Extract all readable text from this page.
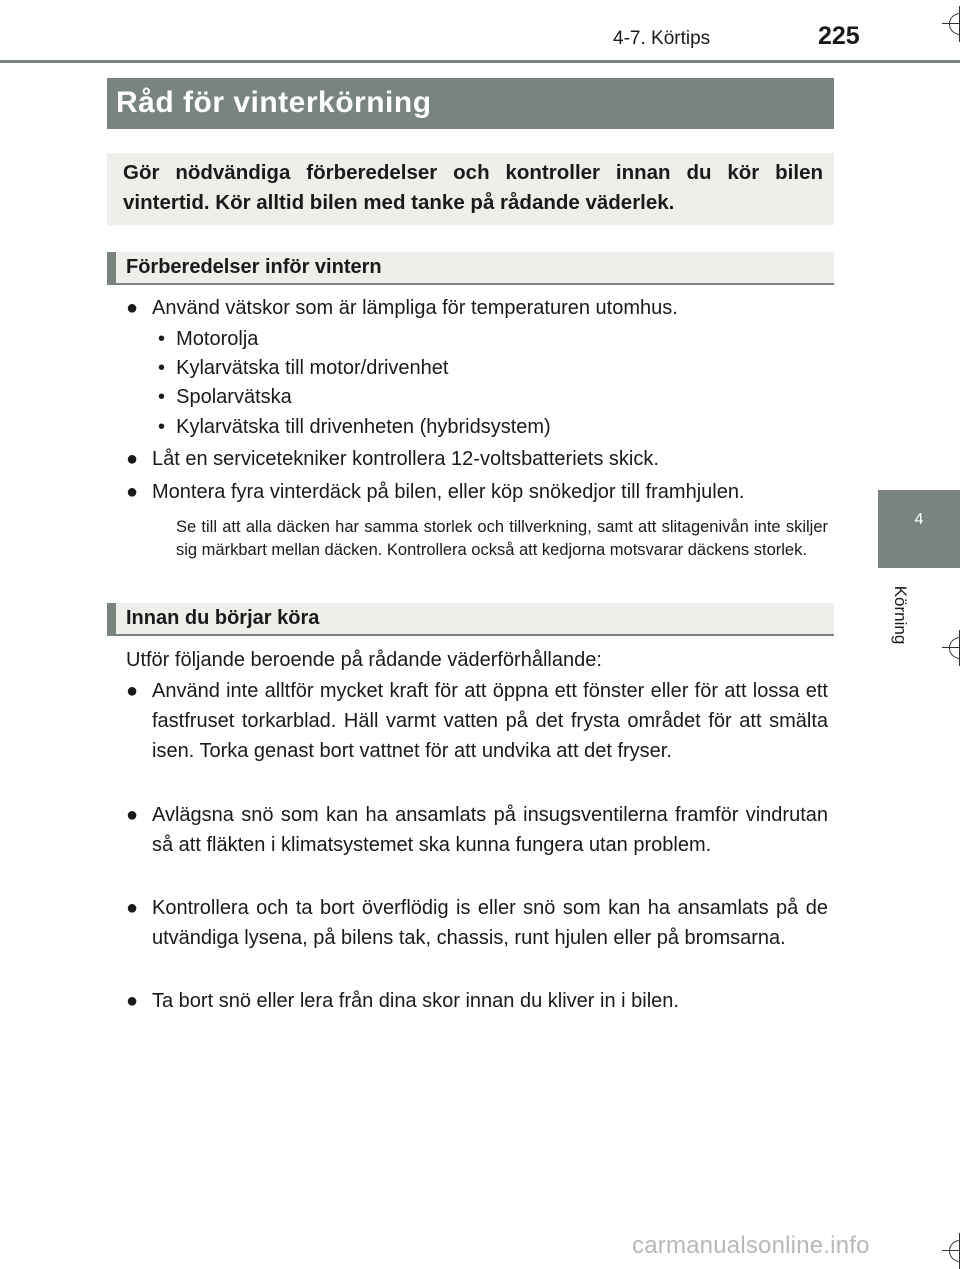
4-7. Körtips	225
4
Körning
Råd för vinterkörning
Gör nödvändiga förberedelser och kontroller innan du kör bilen vintertid. Kör alltid bilen med tanke på rådande väderlek.
Förberedelser inför vintern
● Använd vätskor som är lämpliga för temperaturen utomhus.
• Motorolja
• Kylarvätska till motor/drivenhet
• Spolarvätska
• Kylarvätska till drivenheten (hybridsystem)
● Låt en servicetekniker kontrollera 12-voltsbatteriets skick.
● Montera fyra vinterdäck på bilen, eller köp snökedjor till framhjulen.
Se till att alla däcken har samma storlek och tillverkning, samt att slitagenivån inte skiljer sig märkbart mellan däcken. Kontrollera också att kedjorna motsvarar däckens storlek.
Innan du börjar köra
Utför följande beroende på rådande väderförhållande:
● Använd inte alltför mycket kraft för att öppna ett fönster eller för att lossa ett fastfruset torkarblad. Häll varmt vatten på det frysta området för att smälta isen. Torka genast bort vattnet för att undvika att det fryser.
● Avlägsna snö som kan ha ansamlats på insugsventilerna framför vindrutan så att fläkten i klimatsystemet ska kunna fungera utan problem.
● Kontrollera och ta bort överflödig is eller snö som kan ha ansamlats på de utvändiga lysena, på bilens tak, chassis, runt hjulen eller på bromsarna.
● Ta bort snö eller lera från dina skor innan du kliver in i bilen.
carmanualsonline.info
